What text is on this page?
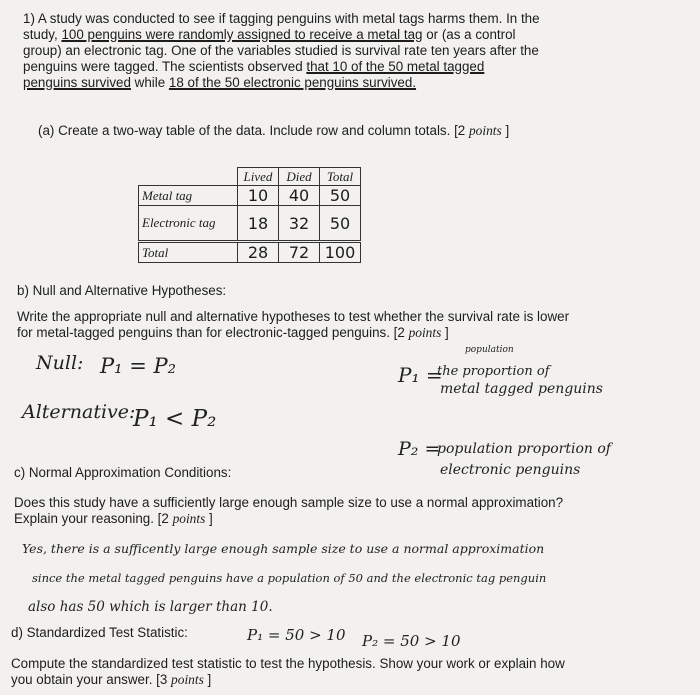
1) A study was conducted to see if tagging penguins with metal tags harms them. In the
study, 100 penguins were randomly assigned to receive a metal tag or (as a control
group) an electronic tag. One of the variables studied is survival rate ten years after the
penguins were tagged. The scientists observed that 10 of the 50 metal tagged
penguins survived while 18 of the 50 electronic penguins survived.
(a) Create a two-way table of the data. Include row and column totals. [2 points ]
	Lived	Died	Total
Metal tag	10	40	50
Electronic tag	18	32	50
Total	28	72	100
b) Null and Alternative Hypotheses:
Write the appropriate null and alternative hypotheses to test whether the survival rate is lower
for metal-tagged penguins than for electronic-tagged penguins. [2 points ]
Null: P₁ = P₂
Alternative:
P₁ < P₂
P₁ =
population
the proportion of
metal tagged penguins
P₂ =
population proportion of
electronic penguins
c) Normal Approximation Conditions:
Does this study have a sufficiently large enough sample size to use a normal approximation?
Explain your reasoning. [2 points ]
Yes, there is a sufficently large enough sample size to use a normal approximation
since the metal tagged penguins have a population of 50 and the electronic tag penguin
also has 50 which is larger than 10.
d) Standardized Test Statistic:	P₁ = 50 > 10 P₂ = 50 > 10
Compute the standardized test statistic to test the hypothesis. Show your work or explain how
you obtain your answer. [3 points ]
